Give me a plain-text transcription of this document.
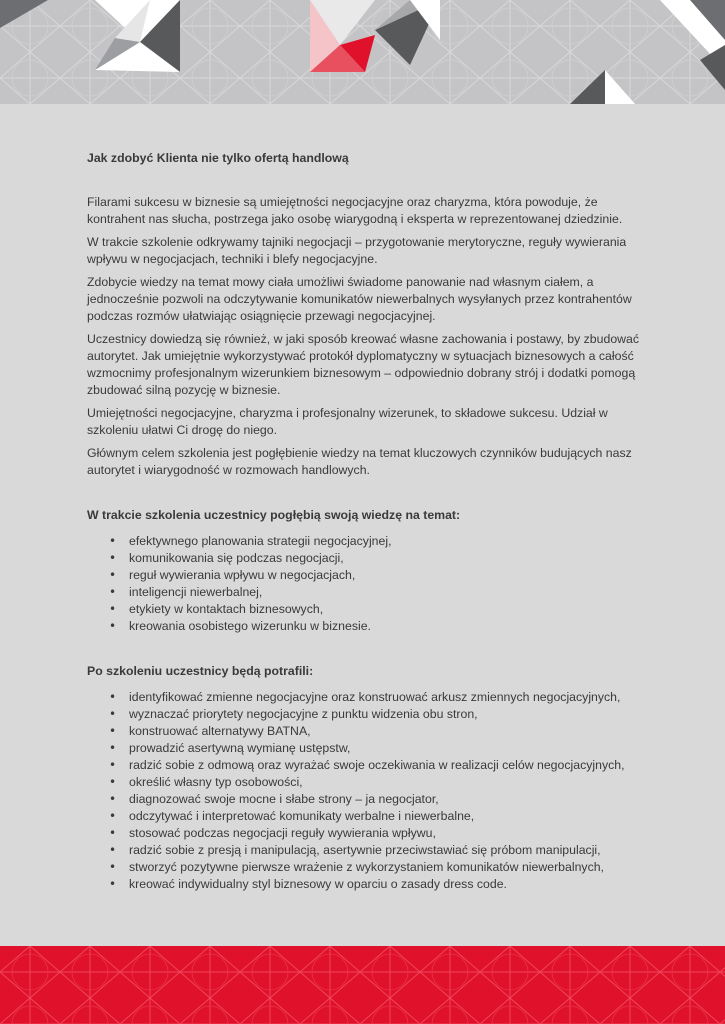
Jak zdobyć Klienta nie tylko ofertą handlową

Filarami sukcesu w biznesie są umiejętności negocjacyjne oraz charyzma, która powoduje, że kontrahent nas słucha, postrzega jako osobę wiarygodną i eksperta w reprezentowanej dziedzinie.

W trakcie szkolenie odkrywamy tajniki negocjacji – przygotowanie merytoryczne, reguły wywierania wpływu w negocjacjach, techniki i blefy negocjacyjne.

Zdobycie wiedzy na temat mowy ciała umożliwi świadome panowanie nad własnym ciałem, a jednocześnie pozwoli na odczytywanie komunikatów niewerbalnych wysyłanych przez kontrahentów podczas rozmów ułatwiając osiągnięcie przewagi negocjacyjnej.

Uczestnicy dowiedzą się również, w jaki sposób kreować własne zachowania i postawy, by zbudować autorytet. Jak umiejętnie wykorzystywać protokół dyplomatyczny w sytuacjach biznesowych a całość wzmocnimy profesjonalnym wizerunkiem biznesowym – odpowiednio dobrany strój i dodatki pomogą zbudować silną pozycję w biznesie.

Umiejętności negocjacyjne, charyzma i profesjonalny wizerunek, to składowe sukcesu. Udział w szkoleniu ułatwi Ci drogę do niego.

Głównym celem szkolenia jest pogłębienie wiedzy na temat kluczowych czynników budujących nasz autorytet i wiarygodność w rozmowach handlowych.

W trakcie szkolenia uczestnicy pogłębią swoją wiedzę na temat:

• efektywnego planowania strategii negocjacyjnej,
• komunikowania się podczas negocjacji,
• reguł wywierania wpływu w negocjacjach,
• inteligencji niewerbalnej,
• etykiety w kontaktach biznesowych,
• kreowania osobistego wizerunku w biznesie.

Po szkoleniu uczestnicy będą potrafili:

• identyfikować zmienne negocjacyjne oraz konstruować arkusz zmiennych negocjacyjnych,
• wyznaczać priorytety negocjacyjne z punktu widzenia obu stron,
• konstruować alternatywy BATNA,
• prowadzić asertywną wymianę ustępstw,
• radzić sobie z odmową oraz wyrażać swoje oczekiwania w realizacji celów negocjacyjnych,
• określić własny typ osobowości,
• diagnozować swoje mocne i słabe strony – ja negocjator,
• odczytywać i interpretować komunikaty werbalne i niewerbalne,
• stosować podczas negocjacji reguły wywierania wpływu,
• radzić sobie z presją i manipulacją, asertywnie przeciwstawiać się próbom manipulacji,
• stworzyć pozytywne pierwsze wrażenie z wykorzystaniem komunikatów niewerbalnych,
• kreować indywidualny styl biznesowy w oparciu o zasady dress code.
